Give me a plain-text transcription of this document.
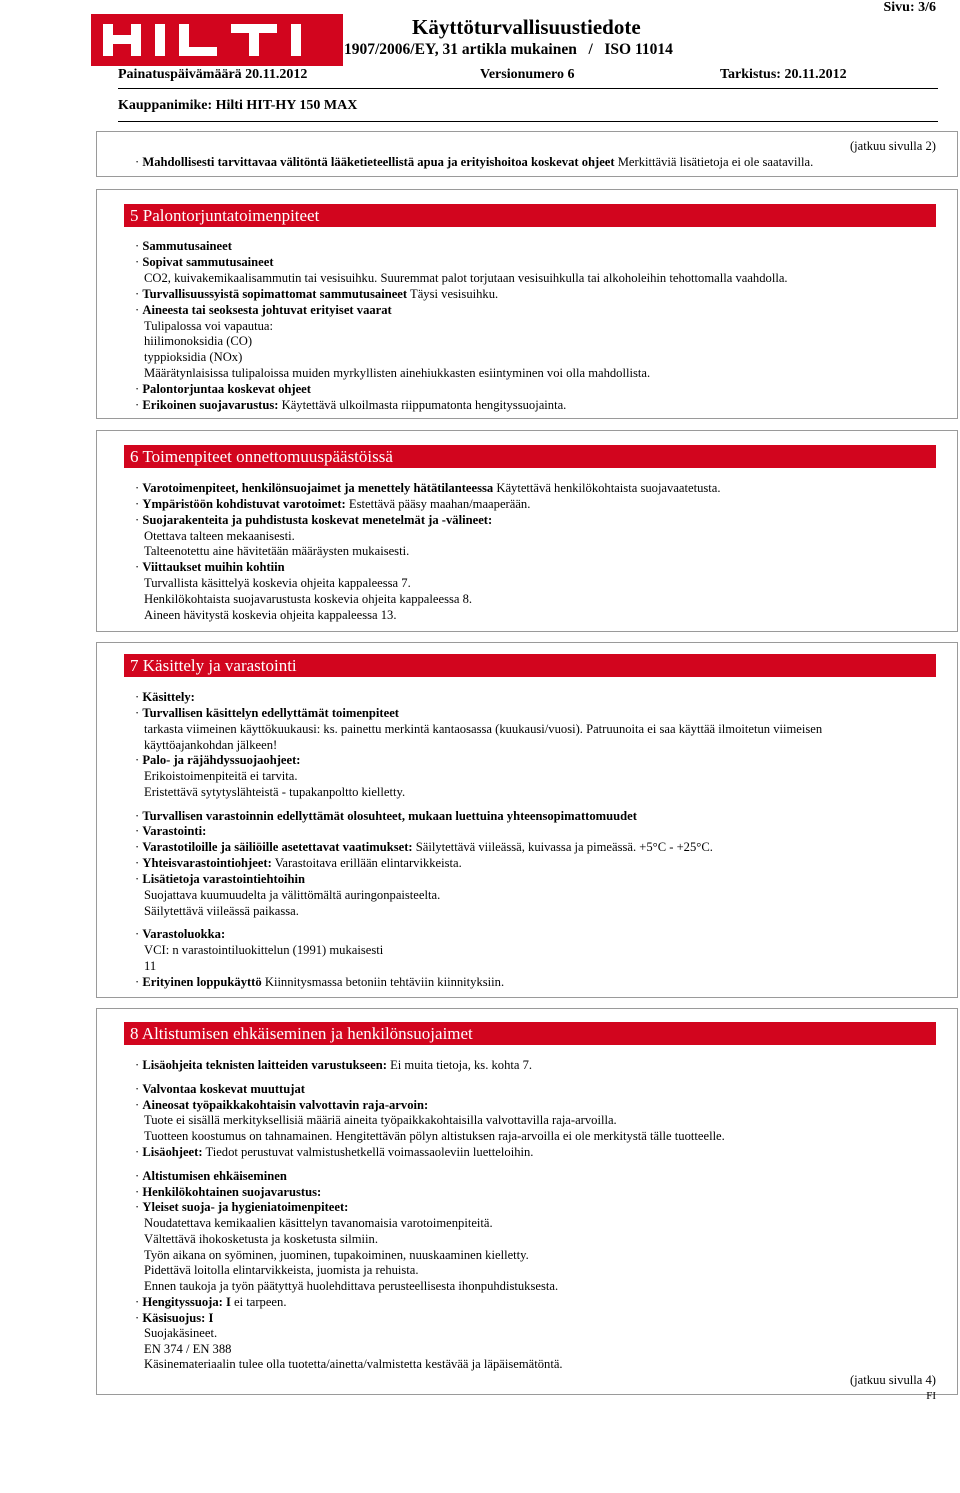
Sivu: 3/6
Käyttöturvallisuustiedote
1907/2006/EY, 31 artikla mukainen   /   ISO 11014
Painatuspäivämäärä 20.11.2012	Versionumero 6	Tarkistus: 20.11.2012
Kauppanimike: Hilti HIT-HY 150 MAX
(jatkuu sivulla 2)
· Mahdollisesti tarvittavaa välitöntä lääketieteellistä apua ja erityishoitoa koskevat ohjeet Merkittäviä lisätietoja ei ole saatavilla.
5 Palontorjuntatoimenpiteet
· Sammutusaineet
· Sopivat sammutusaineet
CO2, kuivakemikaalisammutin tai vesisuihku. Suuremmat palot torjutaan vesisuihkulla tai alkoholeihin tehottomalla vaahdolla.
· Turvallisuussyistä sopimattomat sammutusaineet Täysi vesisuihku.
· Aineesta tai seoksesta johtuvat erityiset vaarat
Tulipalossa voi vapautua:
hiilimonoksidia (CO)
typpioksidia (NOx)
Määrätynlaisissa tulipaloissa muiden myrkyllisten ainehiukkasten esiintyminen voi olla mahdollista.
· Palontorjuntaa koskevat ohjeet
· Erikoinen suojavarustus: Käytettävä ulkoilmasta riippumatonta hengityssuojainta.
6 Toimenpiteet onnettomuuspäästöissä
· Varotoimenpiteet, henkilönsuojaimet ja menettely hätätilanteessa Käytettävä henkilökohtaista suojavaatetusta.
· Ympäristöön kohdistuvat varotoimet: Estettävä pääsy maahan/maaperään.
· Suojarakenteita ja puhdistusta koskevat menetelmät ja -välineet:
Otettava talteen mekaanisesti.
Talteenotettu aine hävitetään määräysten mukaisesti.
· Viittaukset muihin kohtiin
Turvallista käsittelyä koskevia ohjeita kappaleessa 7.
Henkilökohtaista suojavarustusta koskevia ohjeita kappaleessa 8.
Aineen hävitystä koskevia ohjeita kappaleessa 13.
7 Käsittely ja varastointi
· Käsittely:
· Turvallisen käsittelyn edellyttämät toimenpiteet
tarkasta viimeinen käyttökuukausi: ks. painettu merkintä kantaosassa (kuukausi/vuosi). Patruunoita ei saa käyttää ilmoitetun viimeisen
käyttöajankohdan jälkeen!
· Palo- ja räjähdyssuojaohjeet:
Erikoistoimenpiteitä ei tarvita.
Eristettävä sytytyslähteistä - tupakanpoltto kielletty.
· Turvallisen varastoinnin edellyttämät olosuhteet, mukaan luettuina yhteensopimattomuudet
· Varastointi:
· Varastotiloille ja säiliöille asetettavat vaatimukset: Säilytettävä viileässä, kuivassa ja pimeässä. +5°C - +25°C.
· Yhteisvarastointiohjeet: Varastoitava erillään elintarvikkeista.
· Lisätietoja varastointiehtoihin
Suojattava kuumuudelta ja välittömältä auringonpaisteelta.
Säilytettävä viileässä paikassa.
· Varastoluokka:
VCI: n varastointiluokittelun (1991) mukaisesti
11
· Erityinen loppukäyttö Kiinnitysmassa betoniin tehtäviin kiinnityksiin.
8 Altistumisen ehkäiseminen ja henkilönsuojaimet
· Lisäohjeita teknisten laitteiden varustukseen: Ei muita tietoja, ks. kohta 7.
· Valvontaa koskevat muuttujat
· Aineosat työpaikkakohtaisin valvottavin raja-arvoin:
Tuote ei sisällä merkityksellisiä määriä aineita työpaikkakohtaisilla valvottavilla raja-arvoilla.
Tuotteen koostumus on tahnamainen. Hengitettävän pölyn altistuksen raja-arvoilla ei ole merkitystä tälle tuotteelle.
· Lisäohjeet: Tiedot perustuvat valmistushetkellä voimassaoleviin luetteloihin.
· Altistumisen ehkäiseminen
· Henkilökohtainen suojavarustus:
· Yleiset suoja- ja hygieniatoimenpiteet:
Noudatettava kemikaalien käsittelyn tavanomaisia varotoimenpiteitä.
Vältettävä ihokosketusta ja kosketusta silmiin.
Työn aikana on syöminen, juominen, tupakoiminen, nuuskaaminen kielletty.
Pidettävä loitolla elintarvikkeista, juomista ja rehuista.
Ennen taukoja ja työn päätyttyä huolehdittava perusteellisesta ihonpuhdistuksesta.
· Hengityssuoja: I ei tarpeen.
· Käsisuojus: I
Suojakäsineet.
EN 374 / EN 388
Käsinemateriaalin tulee olla tuotetta/ainetta/valmistetta kestävää ja läpäisemätöntä.
(jatkuu sivulla 4)
FI
